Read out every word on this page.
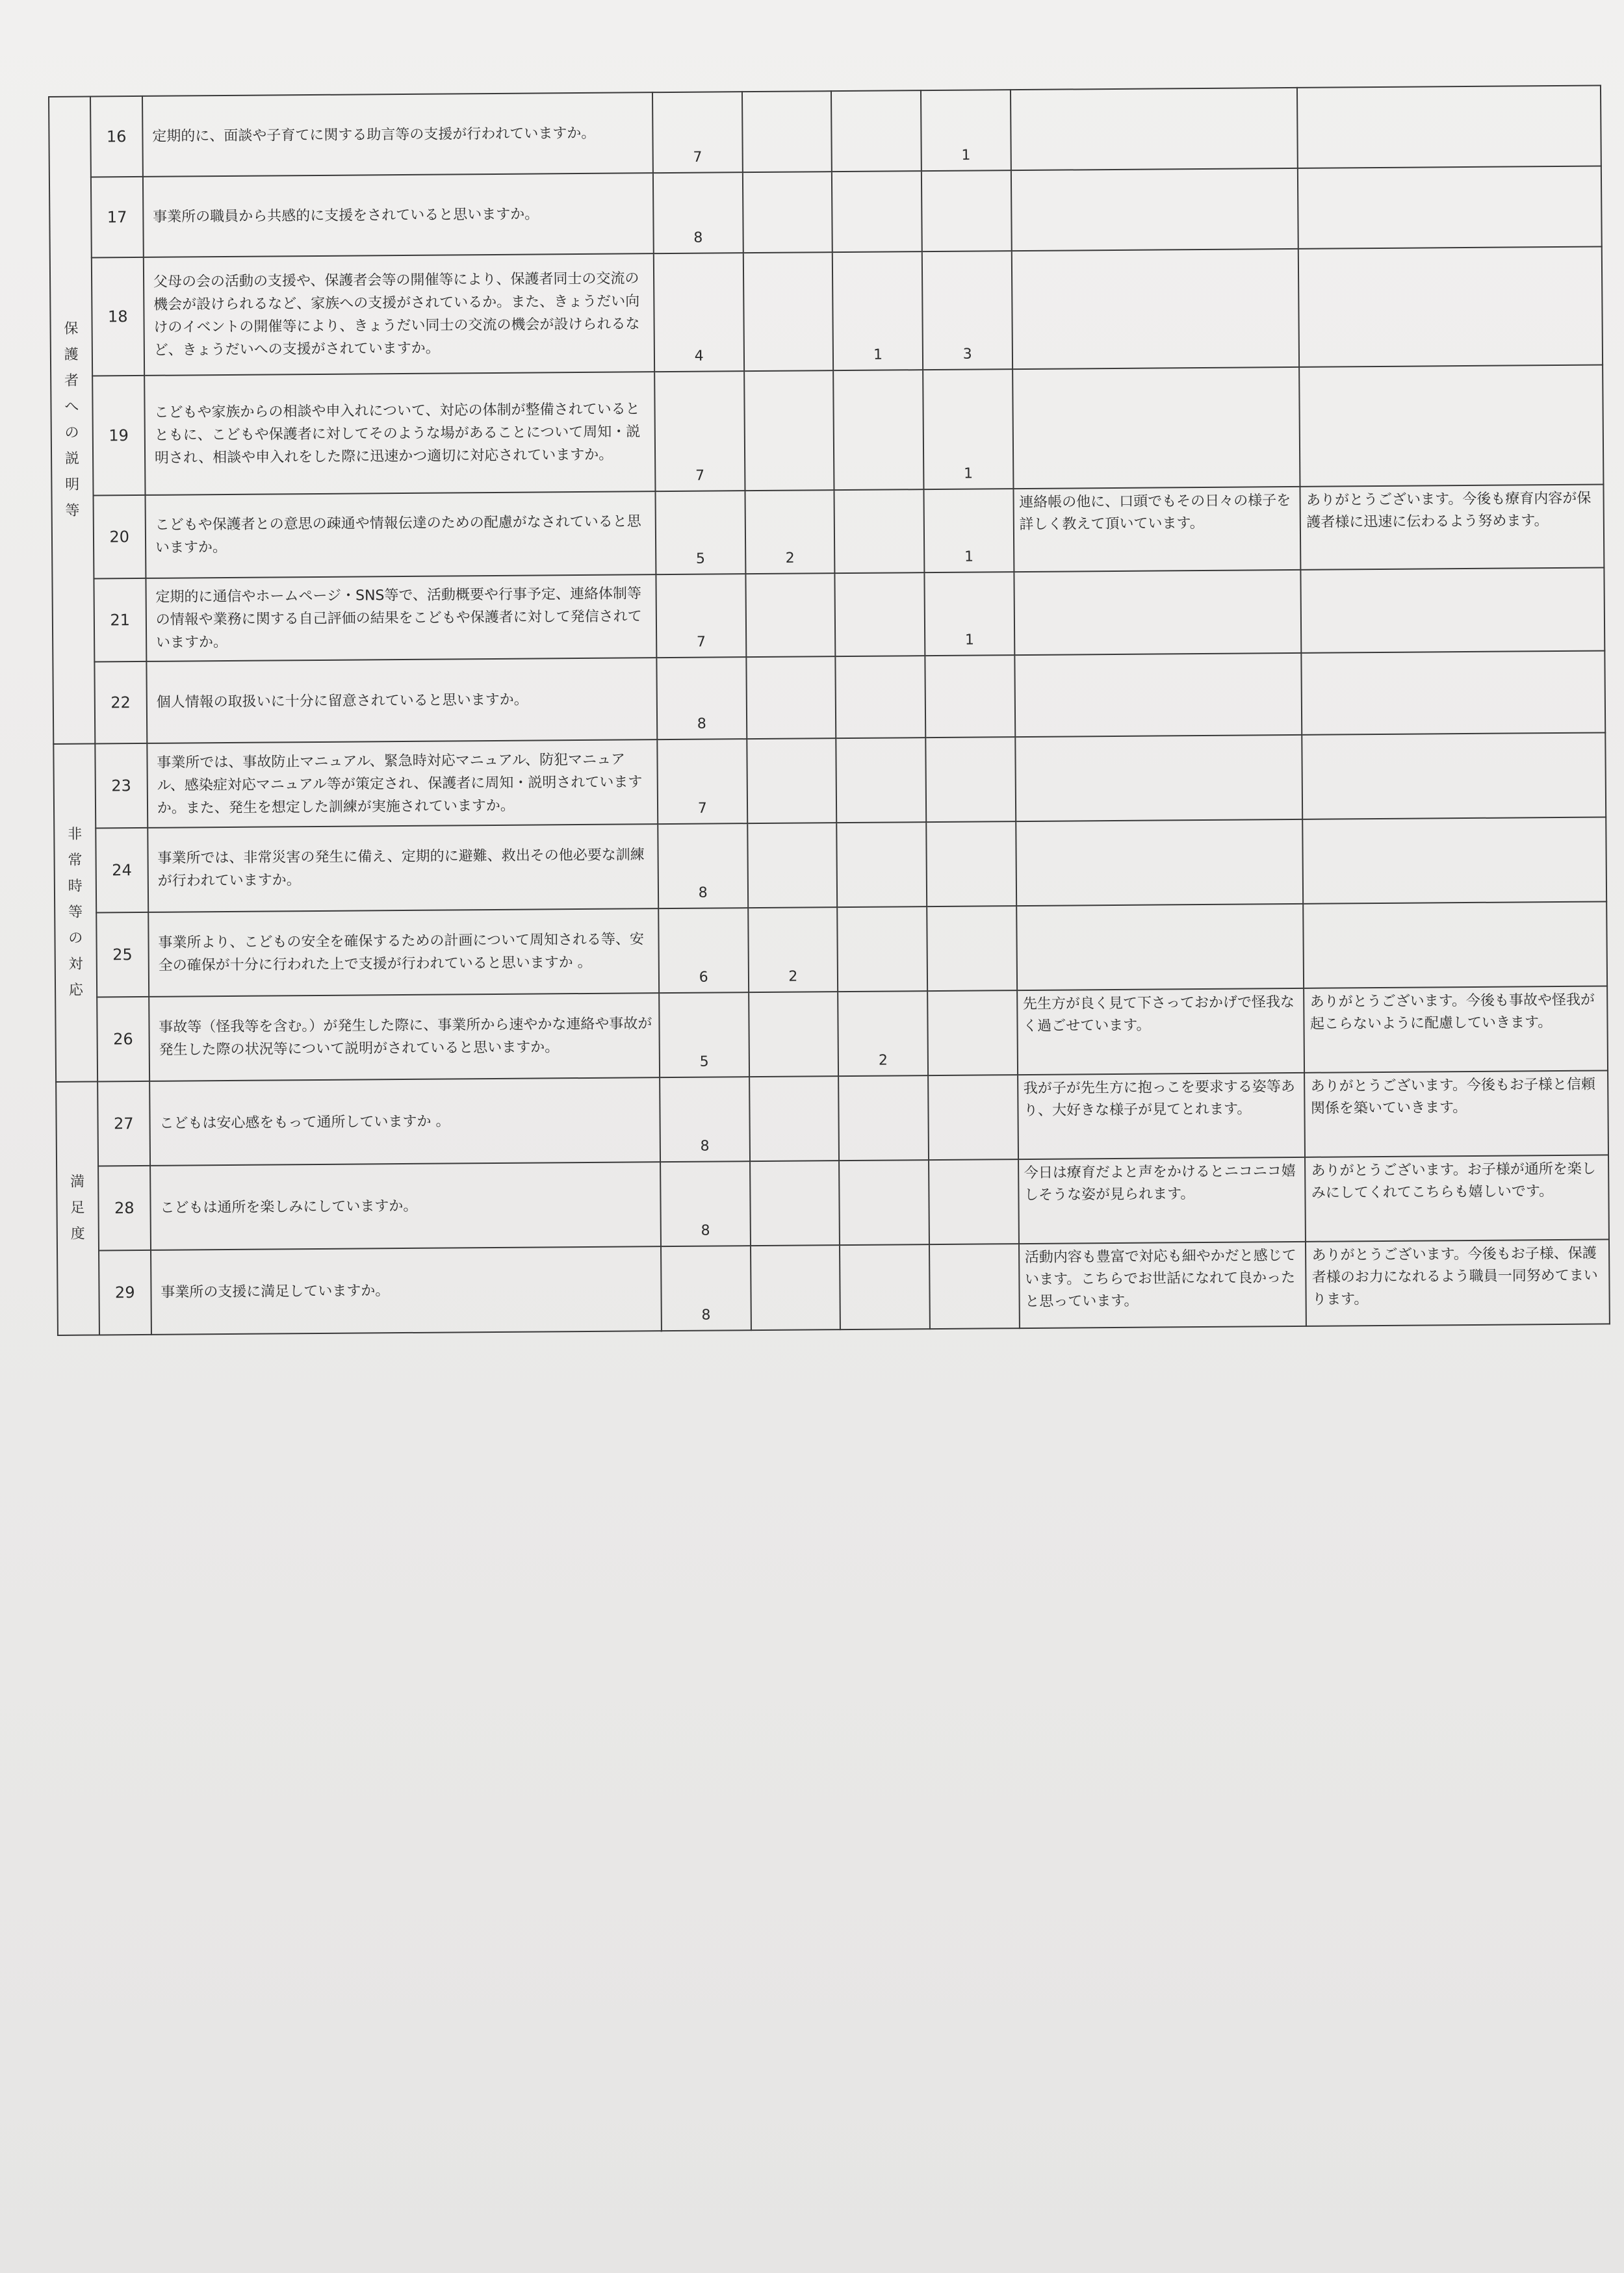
保護者への説明等	16	定期的に、面談や子育てに関する助言等の支援が行われていますか。	7			1		

	17	事業所の職員から共感的に支援をされていると思いますか。	8					

	18	父母の会の活動の支援や、保護者会等の開催等により、保護者同士の交流の機会が設けられるなど、家族への支援がされているか。また、きょうだい向けのイベントの開催等により、きょうだい同士の交流の機会が設けられるなど、きょうだいへの支援がされていますか。	4		1	3		

	19	こどもや家族からの相談や申入れについて、対応の体制が整備されているとともに、こどもや保護者に対してそのような場があることについて周知・説明され、相談や申入れをした際に迅速かつ適切に対応されていますか。	7			1		

	20	こどもや保護者との意思の疎通や情報伝達のための配慮がなされていると思いますか。	5	2		1	連絡帳の他に、口頭でもその日々の様子を詳しく教えて頂いています。	ありがとうございます。今後も療育内容が保護者様に迅速に伝わるよう努めます。
	21	定期的に通信やホームページ・SNS等で、活動概要や行事予定、連絡体制等の情報や業務に関する自己評価の結果をこどもや保護者に対して発信されていますか。	7			1		

	22	個人情報の取扱いに十分に留意されていると思いますか。	8					

非常時等の対応	23	事業所では、事故防止マニュアル、緊急時対応マニュアル、防犯マニュアル、感染症対応マニュアル等が策定され、保護者に周知・説明されていますか。また、発生を想定した訓練が実施されていますか。	7					

	24	事業所では、非常災害の発生に備え、定期的に避難、救出その他必要な訓練が行われていますか。	8					

	25	事業所より、こどもの安全を確保するための計画について周知される等、安全の確保が十分に行われた上で支援が行われていると思いますか 。	6	2				

	26	事故等（怪我等を含む。）が発生した際に、事業所から速やかな連絡や事故が発生した際の状況等について説明がされていると思いますか。	5		2		先生方が良く見て下さっておかげで怪我なく過ごせています。	ありがとうございます。今後も事故や怪我が起こらないように配慮していきます。
満足度	27	こどもは安心感をもって通所していますか 。	8				我が子が先生方に抱っこを要求する姿等あり、大好きな様子が見てとれます。	ありがとうございます。今後もお子様と信頼関係を築いていきます。
	28	こどもは通所を楽しみにしていますか。	8				今日は療育だよと声をかけるとニコニコ嬉しそうな姿が見られます。	ありがとうございます。お子様が通所を楽しみにしてくれてこちらも嬉しいです。
	29	事業所の支援に満足していますか。	8				活動内容も豊富で対応も細やかだと感じています。こちらでお世話になれて良かったと思っています。	ありがとうございます。今後もお子様、保護者様のお力になれるよう職員一同努めてまいります。
